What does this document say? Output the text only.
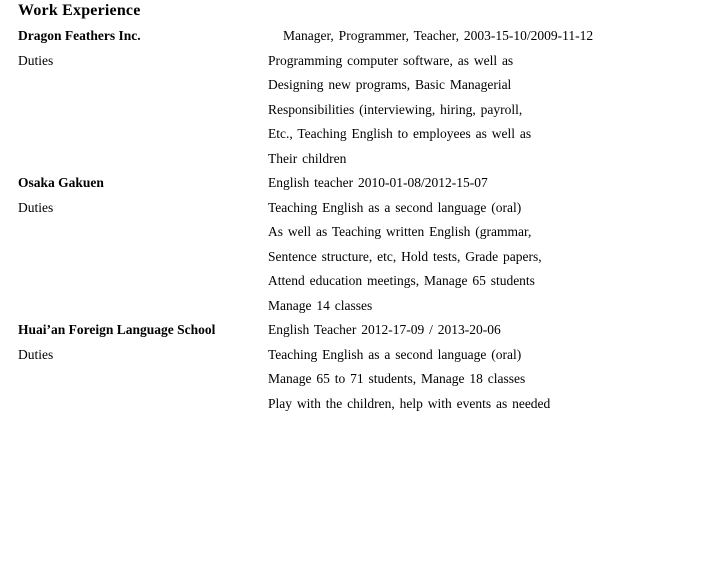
Work Experience
Dragon Feathers Inc.	Manager, Programmer, Teacher, 2003-15-10/2009-11-12
Duties	Programming computer software, as well as
Designing new programs, Basic Managerial
Responsibilities (interviewing, hiring, payroll,
Etc., Teaching English to employees as well as
Their children
Osaka Gakuen	English teacher 2010-01-08/2012-15-07
Duties	Teaching English as a second language (oral)
As well as Teaching written English (grammar,
Sentence structure, etc, Hold tests, Grade papers,
Attend education meetings, Manage 65 students
Manage 14 classes
Huai’an Foreign Language School	English Teacher 2012-17-09 / 2013-20-06
Duties	Teaching English as a second language (oral)
Manage 65 to 71 students, Manage 18 classes
Play with the children, help with events as needed
